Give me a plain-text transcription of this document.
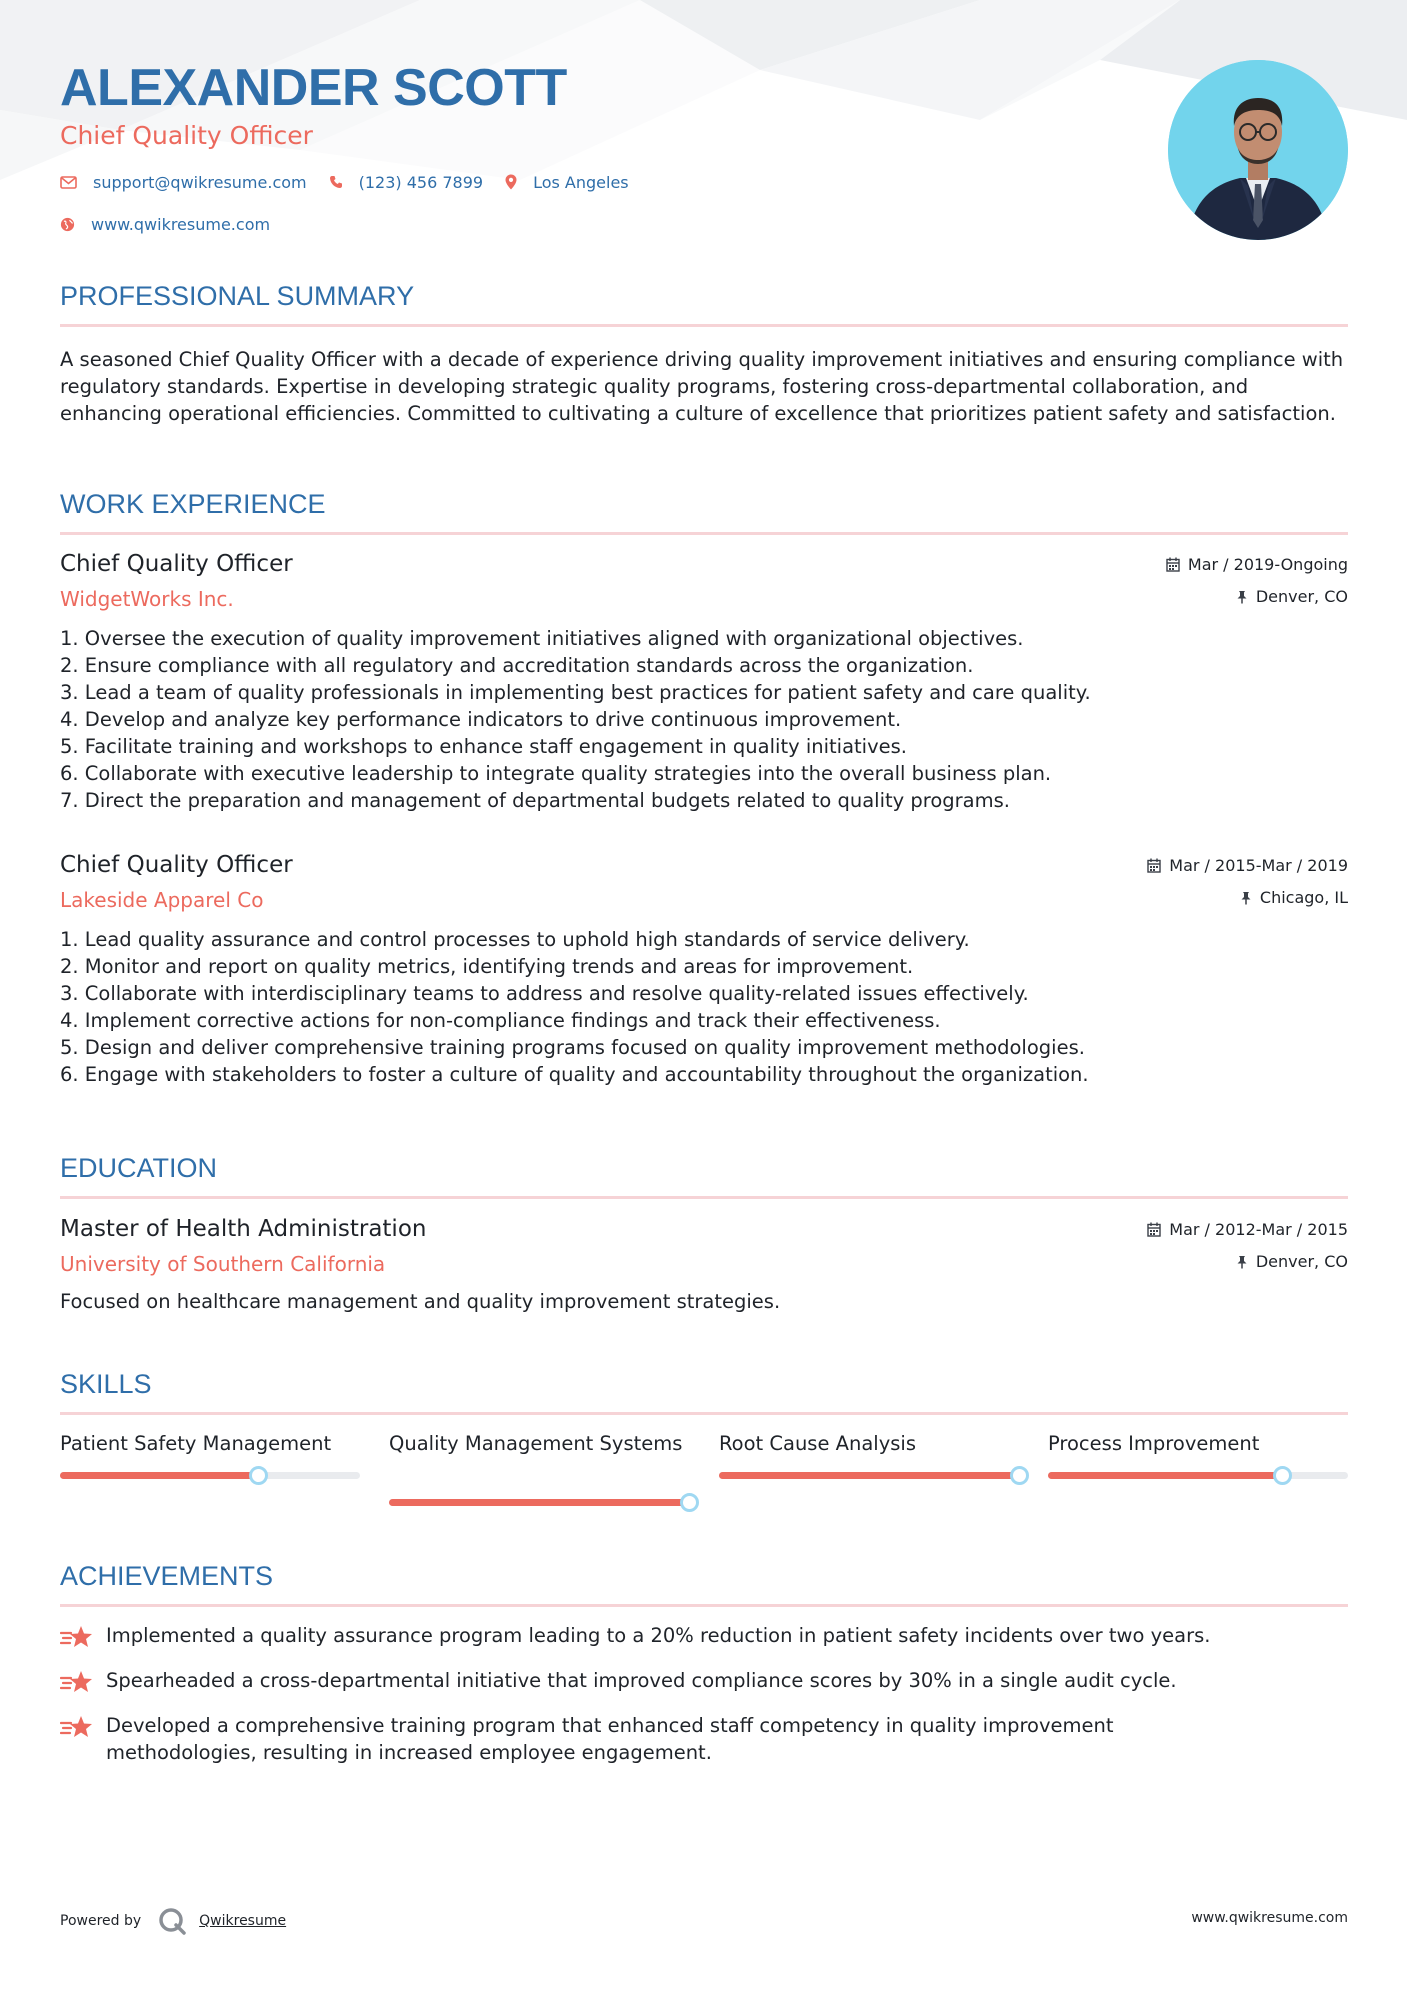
ALEXANDER SCOTT
Chief Quality Officer
support@qwikresume.com	(123) 456 7899	Los Angeles
www.qwikresume.com
PROFESSIONAL SUMMARY

A seasoned Chief Quality Officer with a decade of experience driving quality improvement initiatives and ensuring compliance with regulatory standards. Expertise in developing strategic quality programs, fostering cross-departmental collaboration, and enhancing operational efficiencies. Committed to cultivating a culture of excellence that prioritizes patient safety and satisfaction.

WORK EXPERIENCE
Chief Quality Officer
WidgetWorks Inc.
Mar / 2019-Ongoing
Denver, CO
1. Oversee the execution of quality improvement initiatives aligned with organizational objectives.
2. Ensure compliance with all regulatory and accreditation standards across the organization.
3. Lead a team of quality professionals in implementing best practices for patient safety and care quality.
4. Develop and analyze key performance indicators to drive continuous improvement.
5. Facilitate training and workshops to enhance staff engagement in quality initiatives.
6. Collaborate with executive leadership to integrate quality strategies into the overall business plan.
7. Direct the preparation and management of departmental budgets related to quality programs.
Chief Quality Officer
Lakeside Apparel Co
Mar / 2015-Mar / 2019
Chicago, IL
1. Lead quality assurance and control processes to uphold high standards of service delivery.
2. Monitor and report on quality metrics, identifying trends and areas for improvement.
3. Collaborate with interdisciplinary teams to address and resolve quality-related issues effectively.
4. Implement corrective actions for non-compliance findings and track their effectiveness.
5. Design and deliver comprehensive training programs focused on quality improvement methodologies.
6. Engage with stakeholders to foster a culture of quality and accountability throughout the organization.
EDUCATION
Master of Health Administration
University of Southern California
Mar / 2012-Mar / 2015
Denver, CO

Focused on healthcare management and quality improvement strategies.

SKILLS
Patient Safety Management	Quality Management Systems	Root Cause Analysis	Process Improvement
ACHIEVEMENTS
Implemented a quality assurance program leading to a 20% reduction in patient safety incidents over two years.
Spearheaded a cross-departmental initiative that improved compliance scores by 30% in a single audit cycle.
Developed a comprehensive training program that enhanced staff competency in quality improvement methodologies, resulting in increased employee engagement.
Powered by	Qwikresume	www.qwikresume.com
